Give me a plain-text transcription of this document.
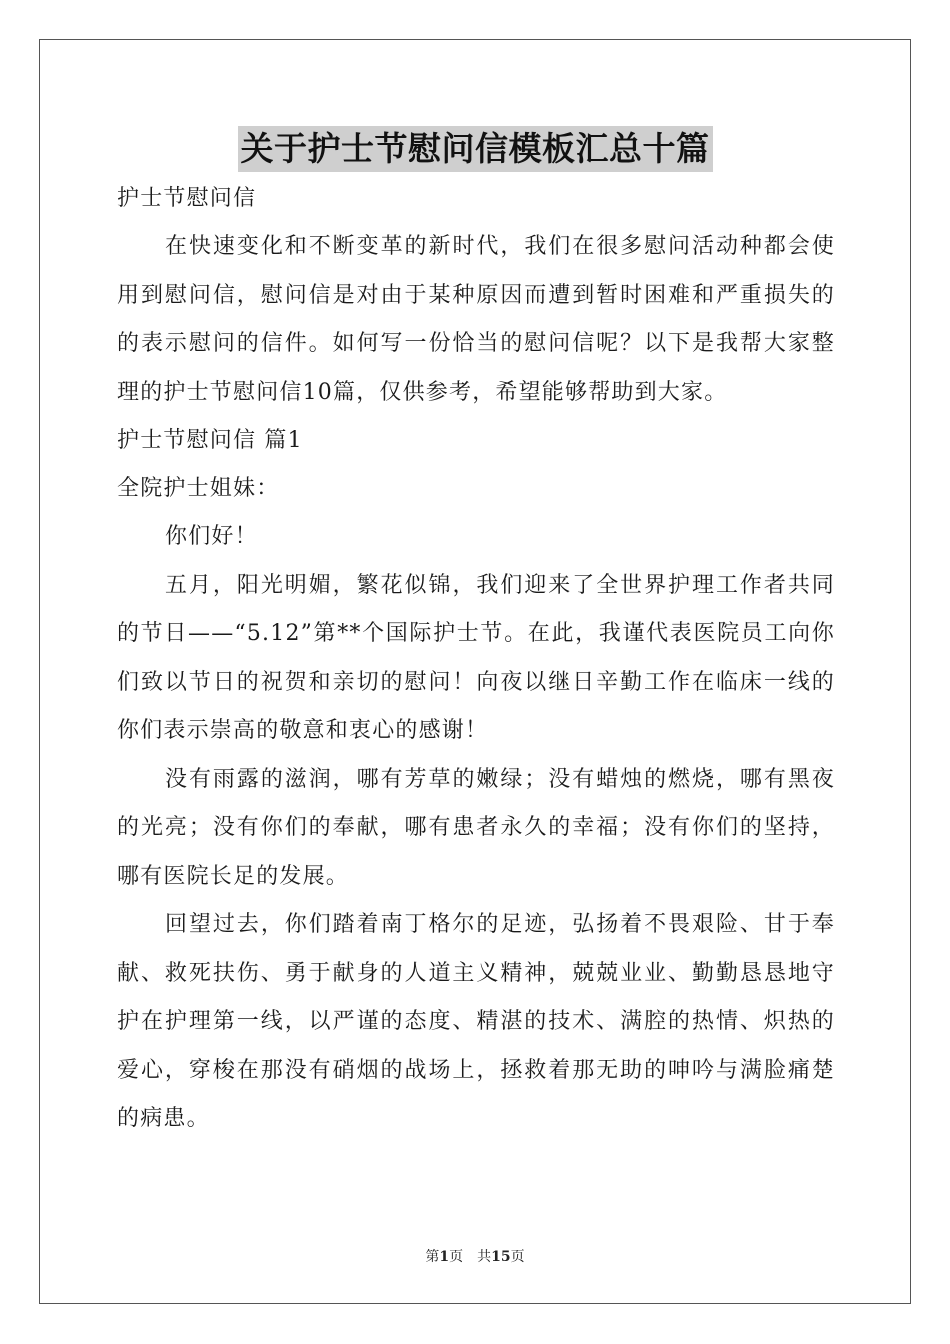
关于护士节慰问信模板汇总十篇

护士节慰问信

在快速变化和不断变革的新时代，我们在很多慰问活动种都会使用到慰问信，慰问信是对由于某种原因而遭到暂时困难和严重损失的的表示慰问的信件。如何写一份恰当的慰问信呢？以下是我帮大家整理的护士节慰问信10篇，仅供参考，希望能够帮助到大家。

护士节慰问信 篇1

全院护士姐妹：

你们好！

五月，阳光明媚，繁花似锦，我们迎来了全世界护理工作者共同的节日——“5.12”第**个国际护士节。在此，我谨代表医院员工向你们致以节日的祝贺和亲切的慰问！向夜以继日辛勤工作在临床一线的你们表示崇高的敬意和衷心的感谢！

没有雨露的滋润，哪有芳草的嫩绿；没有蜡烛的燃烧，哪有黑夜的光亮；没有你们的奉献，哪有患者永久的幸福；没有你们的坚持，哪有医院长足的发展。

回望过去，你们踏着南丁格尔的足迹，弘扬着不畏艰险、甘于奉献、救死扶伤、勇于献身的人道主义精神，兢兢业业、勤勤恳恳地守护在护理第一线，以严谨的态度、精湛的技术、满腔的热情、炽热的爱心，穿梭在那没有硝烟的战场上，拯救着那无助的呻吟与满脸痛楚的病患。

第1页　共15页
